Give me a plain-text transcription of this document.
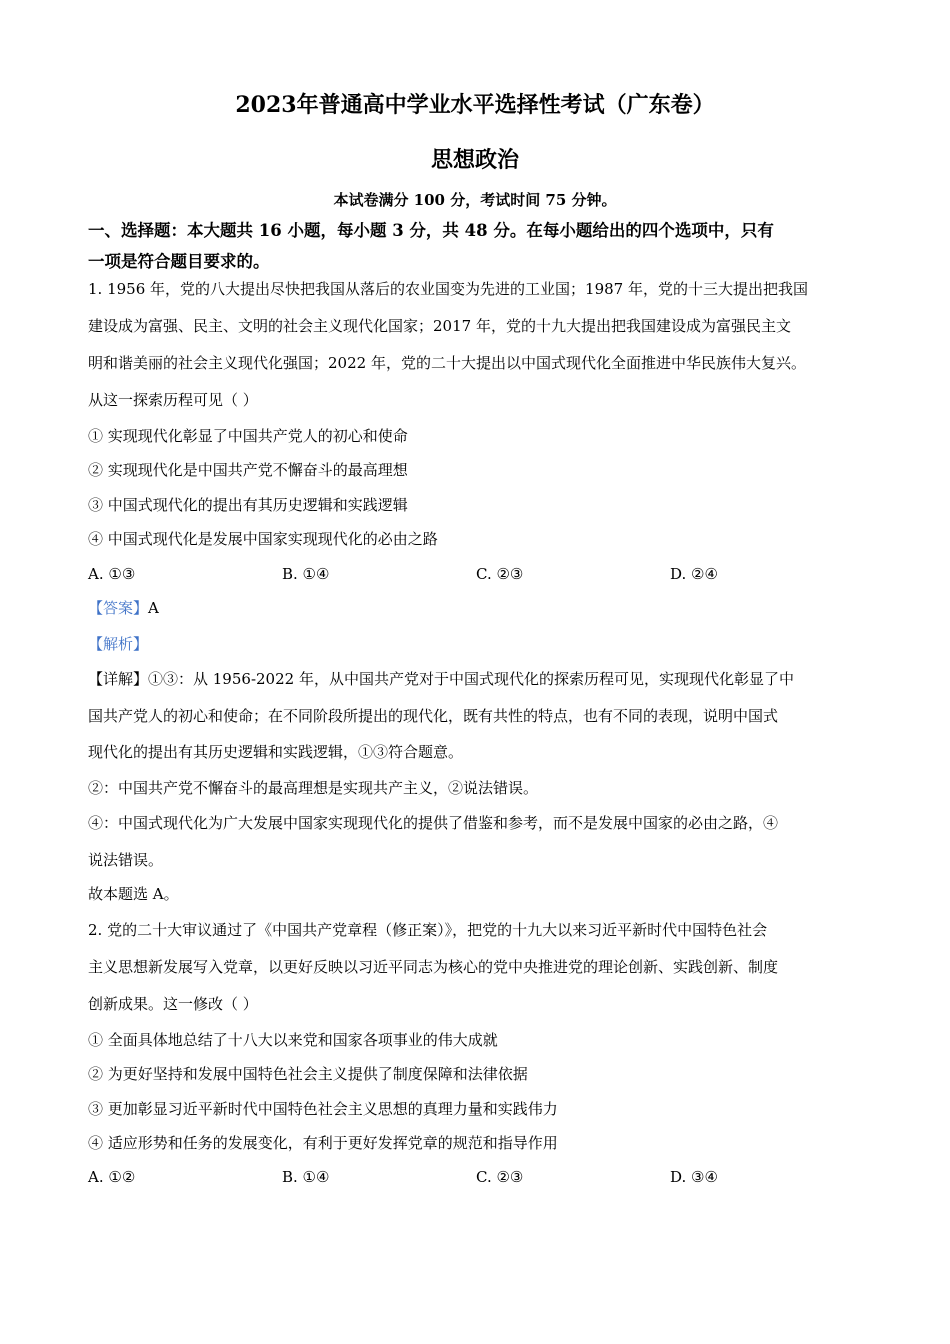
2023年普通高中学业水平选择性考试（广东卷）
思想政治
本试卷满分 100 分，考试时间 75 分钟。
一、选择题：本大题共 16 小题，每小题 3 分，共 48 分。在每小题给出的四个选项中，只有
一项是符合题目要求的。
1. 1956 年，党的八大提出尽快把我国从落后的农业国变为先进的工业国；1987 年，党的十三大提出把我国
建设成为富强、民主、文明的社会主义现代化国家；2017 年，党的十九大提出把我国建设成为富强民主文
明和谐美丽的社会主义现代化强国；2022 年，党的二十大提出以中国式现代化全面推进中华民族伟大复兴。
从这一探索历程可见（ ）
① 实现现代化彰显了中国共产党人的初心和使命
② 实现现代化是中国共产党不懈奋斗的最高理想
③ 中国式现代化的提出有其历史逻辑和实践逻辑
④ 中国式现代化是发展中国家实现现代化的必由之路
A. ①③	B. ①④	C. ②③	D. ②④
【答案】A
【解析】
【详解】①③：从 1956-2022 年，从中国共产党对于中国式现代化的探索历程可见，实现现代化彰显了中
国共产党人的初心和使命；在不同阶段所提出的现代化，既有共性的特点，也有不同的表现，说明中国式
现代化的提出有其历史逻辑和实践逻辑，①③符合题意。
②：中国共产党不懈奋斗的最高理想是实现共产主义，②说法错误。
④：中国式现代化为广大发展中国家实现现代化的提供了借鉴和参考，而不是发展中国家的必由之路，④
说法错误。
故本题选 A。
2. 党的二十大审议通过了《中国共产党章程（修正案）》，把党的十九大以来习近平新时代中国特色社会
主义思想新发展写入党章，以更好反映以习近平同志为核心的党中央推进党的理论创新、实践创新、制度
创新成果。这一修改（ ）
① 全面具体地总结了十八大以来党和国家各项事业的伟大成就
② 为更好坚持和发展中国特色社会主义提供了制度保障和法律依据
③ 更加彰显习近平新时代中国特色社会主义思想的真理力量和实践伟力
④ 适应形势和任务的发展变化，有利于更好发挥党章的规范和指导作用
A. ①②	B. ①④	C. ②③	D. ③④
